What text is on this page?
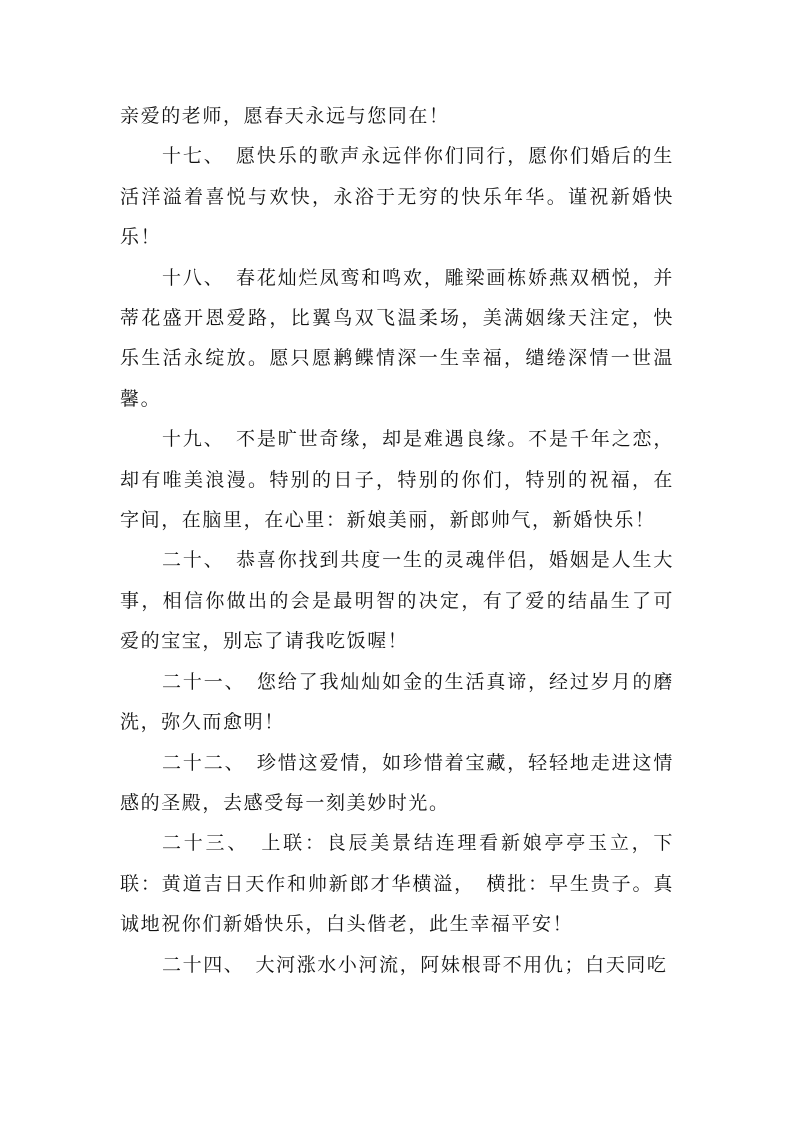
亲爱的老师，愿春天永远与您同在！

十七、　愿快乐的歌声永远伴你们同行，愿你们婚后的生活洋溢着喜悦与欢快，永浴于无穷的快乐年华。谨祝新婚快乐！

十八、　春花灿烂凤鸾和鸣欢，雕梁画栋娇燕双栖悦，并蒂花盛开恩爱路，比翼鸟双飞温柔场，美满姻缘天注定，快乐生活永绽放。愿只愿鹣鲽情深一生幸福，缱绻深情一世温馨。

十九、　不是旷世奇缘，却是难遇良缘。不是千年之恋，却有唯美浪漫。特别的日子，特别的你们，特别的祝福，在字间，在脑里，在心里：新娘美丽，新郎帅气，新婚快乐！

二十、　恭喜你找到共度一生的灵魂伴侣，婚姻是人生大事，相信你做出的会是最明智的决定，有了爱的结晶生了可爱的宝宝，别忘了请我吃饭喔！

二十一、　您给了我灿灿如金的生活真谛，经过岁月的磨洗，弥久而愈明！

二十二、　珍惜这爱情，如珍惜着宝藏，轻轻地走进这情感的圣殿，去感受每一刻美妙时光。

二十三、　上联：良辰美景结连理看新娘亭亭玉立，下联：黄道吉日天作和帅新郎才华横溢，　横批：早生贵子。真诚地祝你们新婚快乐，白头偕老，此生幸福平安！

二十四、　大河涨水小河流，阿妹根哥不用仇；白天同吃
